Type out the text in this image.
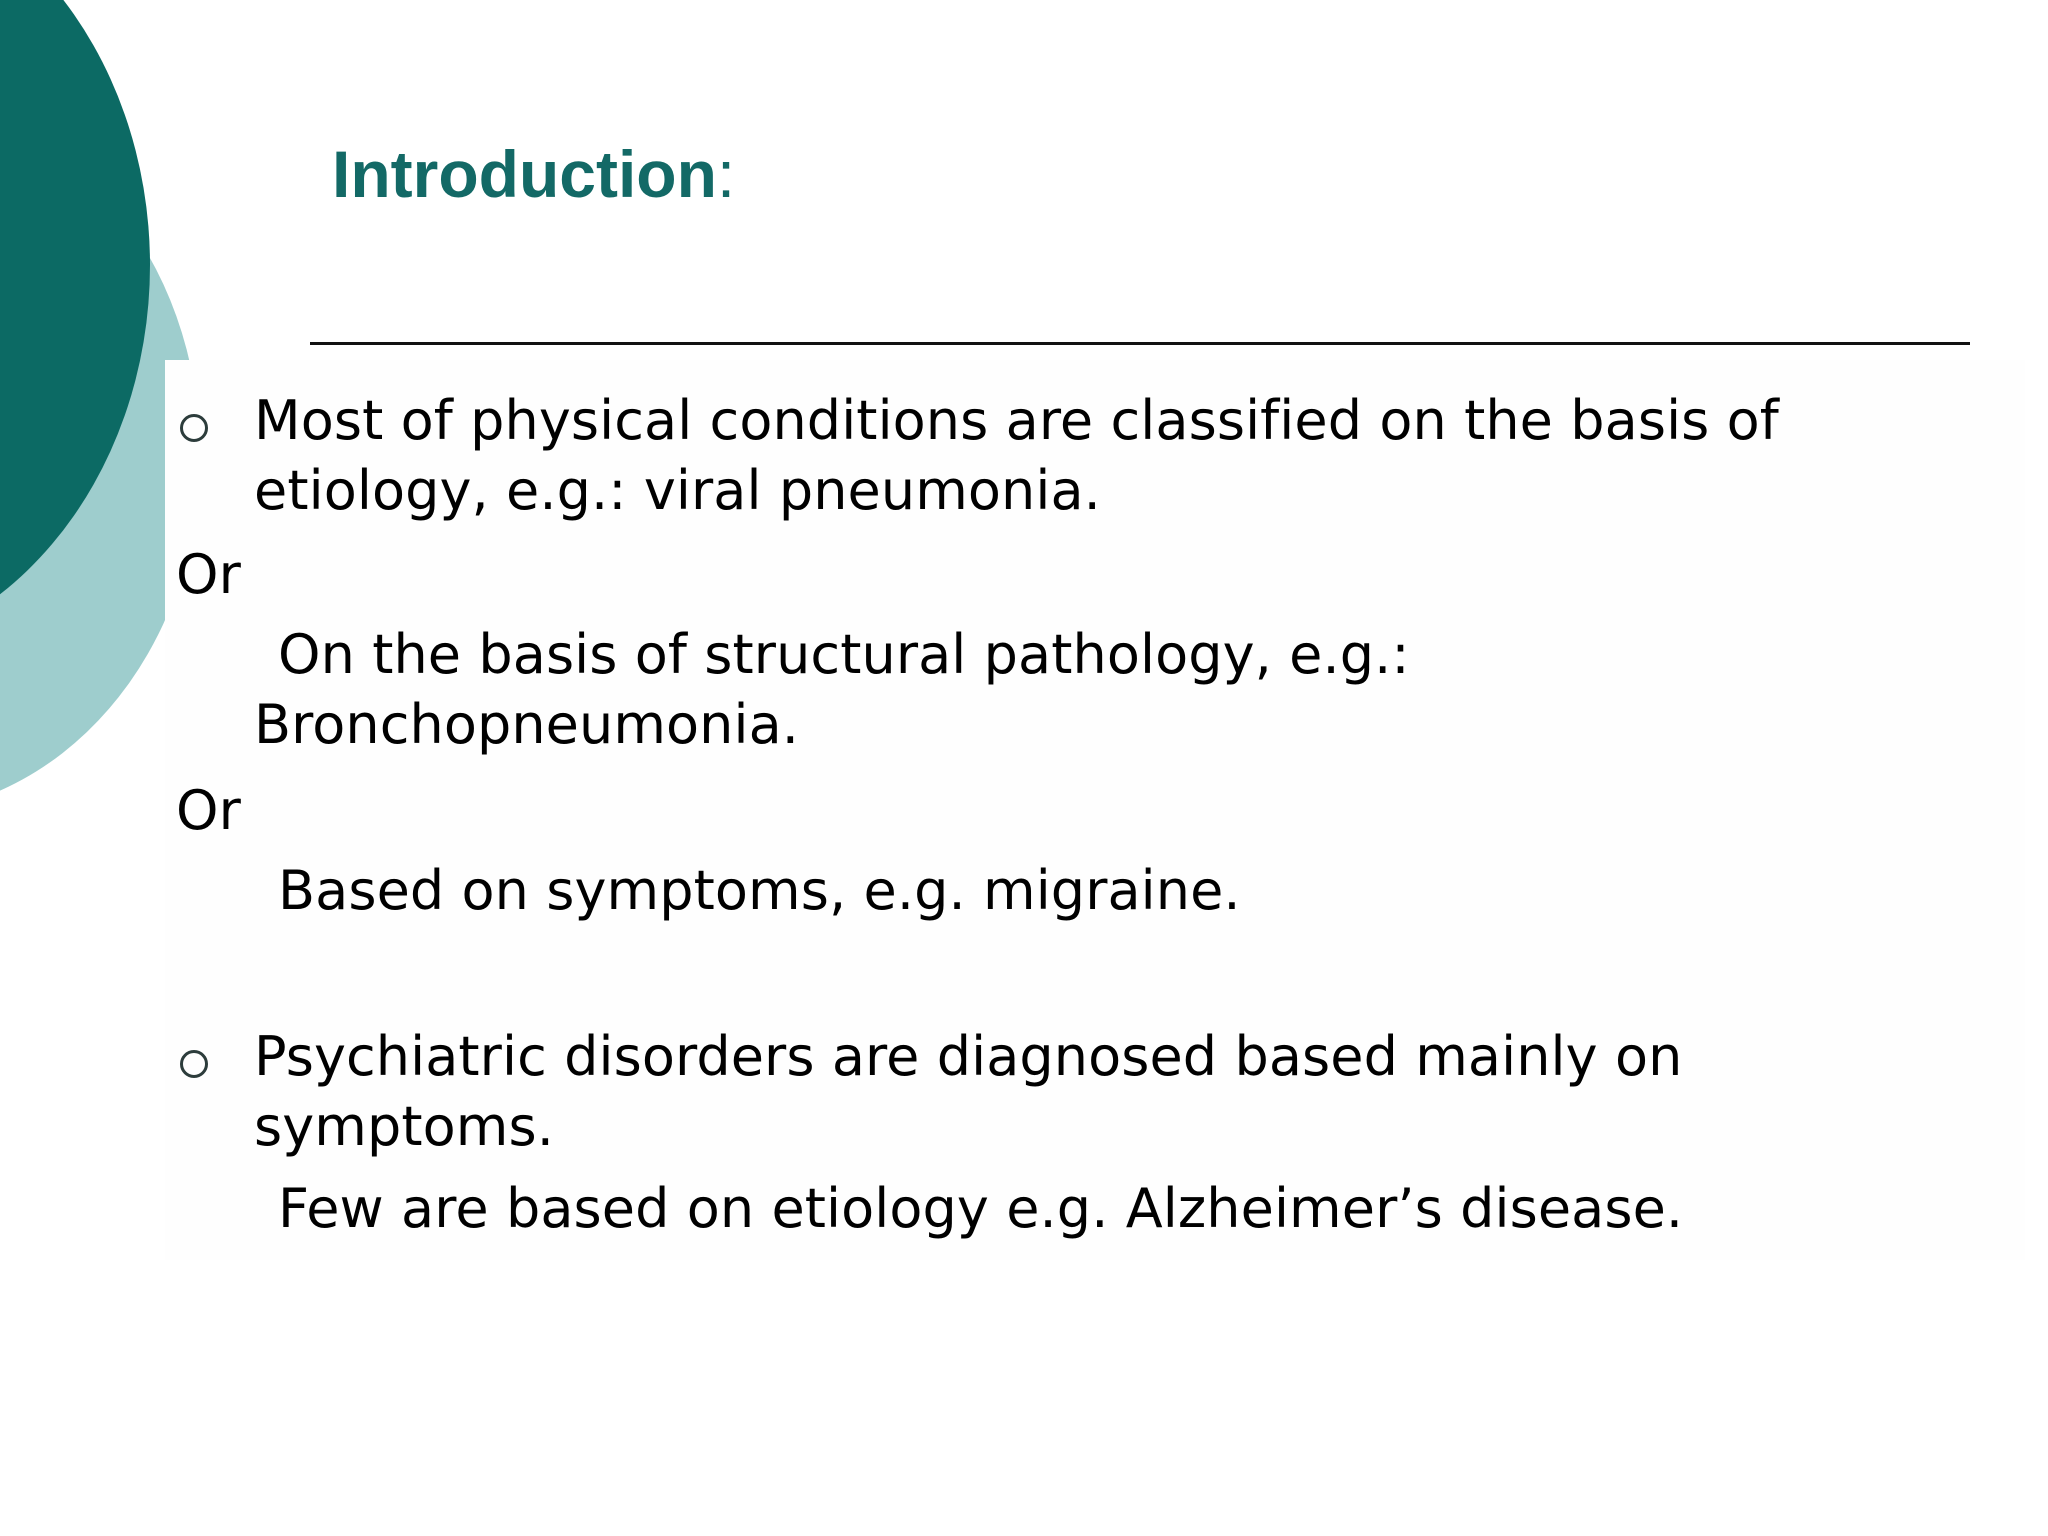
Introduction:
Most of physical conditions are classified on the basis of
etiology, e.g.: viral pneumonia.
Or
On the basis of structural pathology, e.g.:
Bronchopneumonia.
Or
Based on symptoms, e.g. migraine.
Psychiatric disorders are diagnosed based mainly on
symptoms.
Few are based on etiology e.g. Alzheimer’s disease.
